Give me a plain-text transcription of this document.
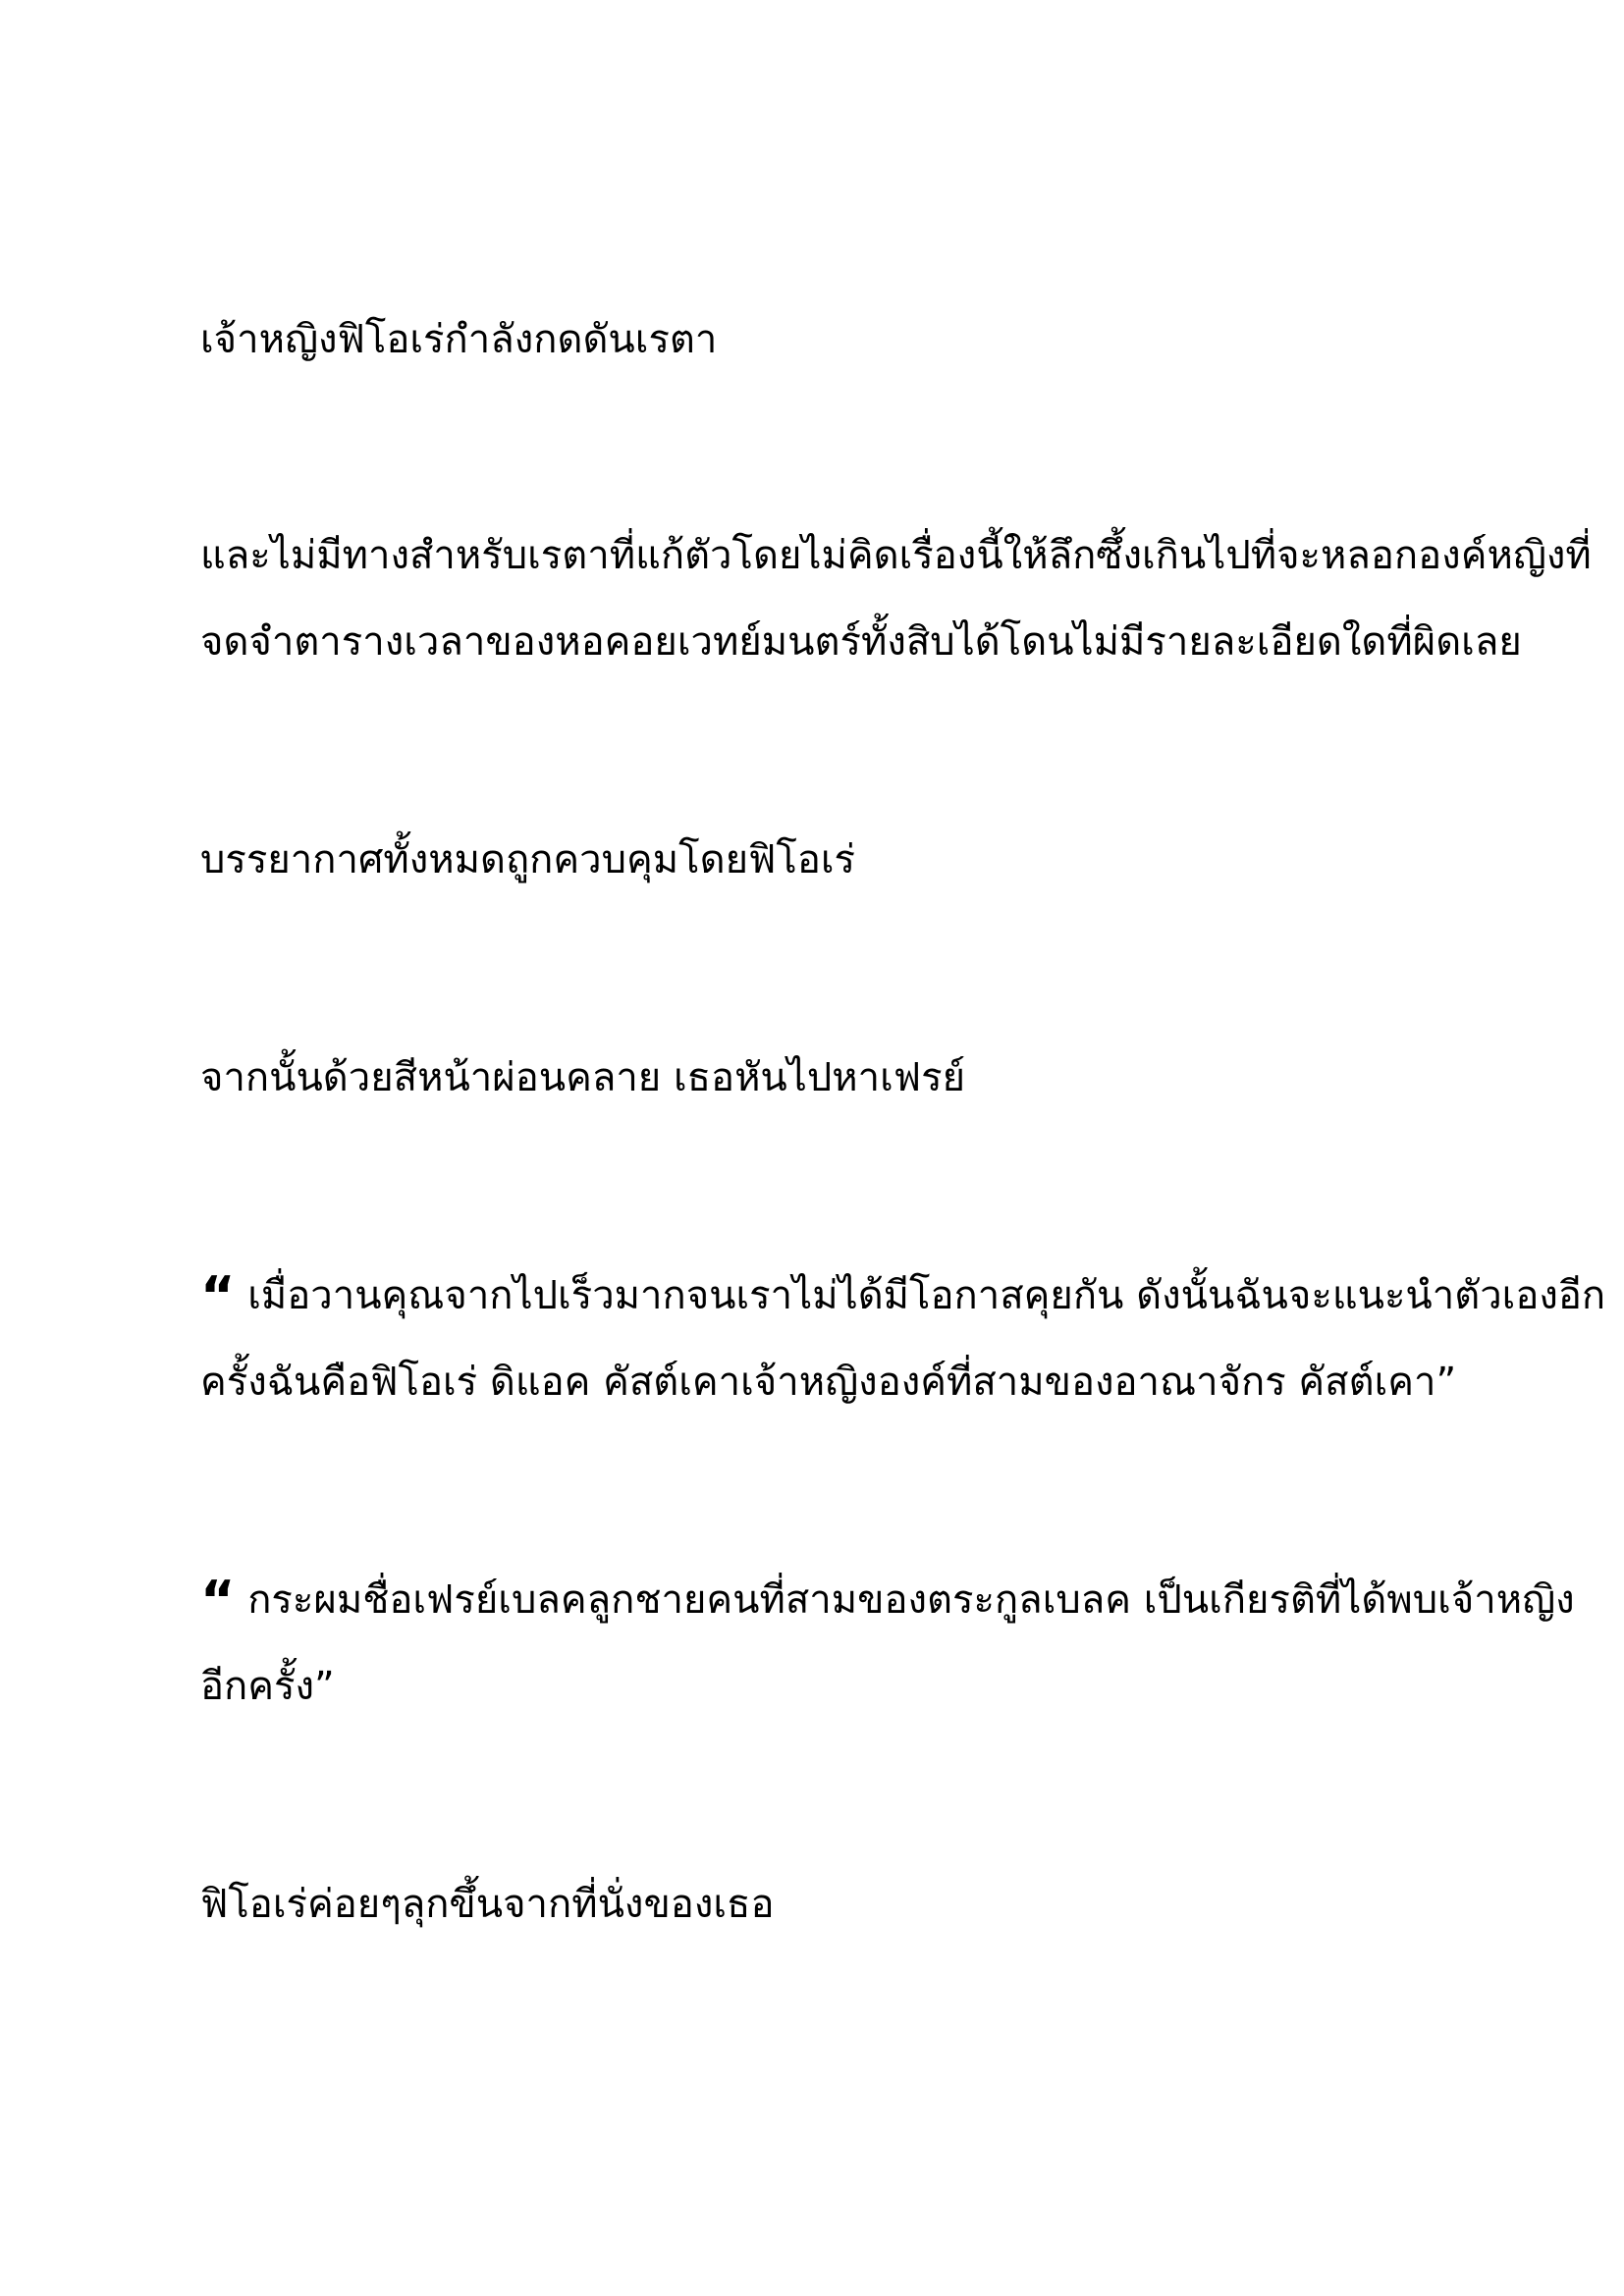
เจ้าหญิงฟิโอเร่กำลังกดดันเรตา

และไม่มีทางสำหรับเรตาที่แก้ตัวโดยไม่คิดเรื่องนี้ให้ลึกซึ้งเกินไปที่จะหลอกองค์หญิงที่

จดจำตารางเวลาของหอคอยเวทย์มนตร์ทั้งสิบได้โดนไม่มีรายละเอียดใดที่ผิดเลย

บรรยากาศทั้งหมดถูกควบคุมโดยฟิโอเร่

จากนั้นด้วยสีหน้าผ่อนคลาย เธอหันไปหาเฟรย์

“ เมื่อวานคุณจากไปเร็วมากจนเราไม่ได้มีโอกาสคุยกัน ดังนั้นฉันจะแนะนำตัวเองอีก

ครั้งฉันคือฟิโอเร่ ดิแอค คัสต์เคาเจ้าหญิงองค์ที่สามของอาณาจักร คัสต์เคา”

“ กระผมชื่อเฟรย์เบลคลูกชายคนที่สามของตระกูลเบลค เป็นเกียรติที่ได้พบเจ้าหญิง

อีกครั้ง”

ฟิโอเร่ค่อยๆลุกขึ้นจากที่นั่งของเธอ
